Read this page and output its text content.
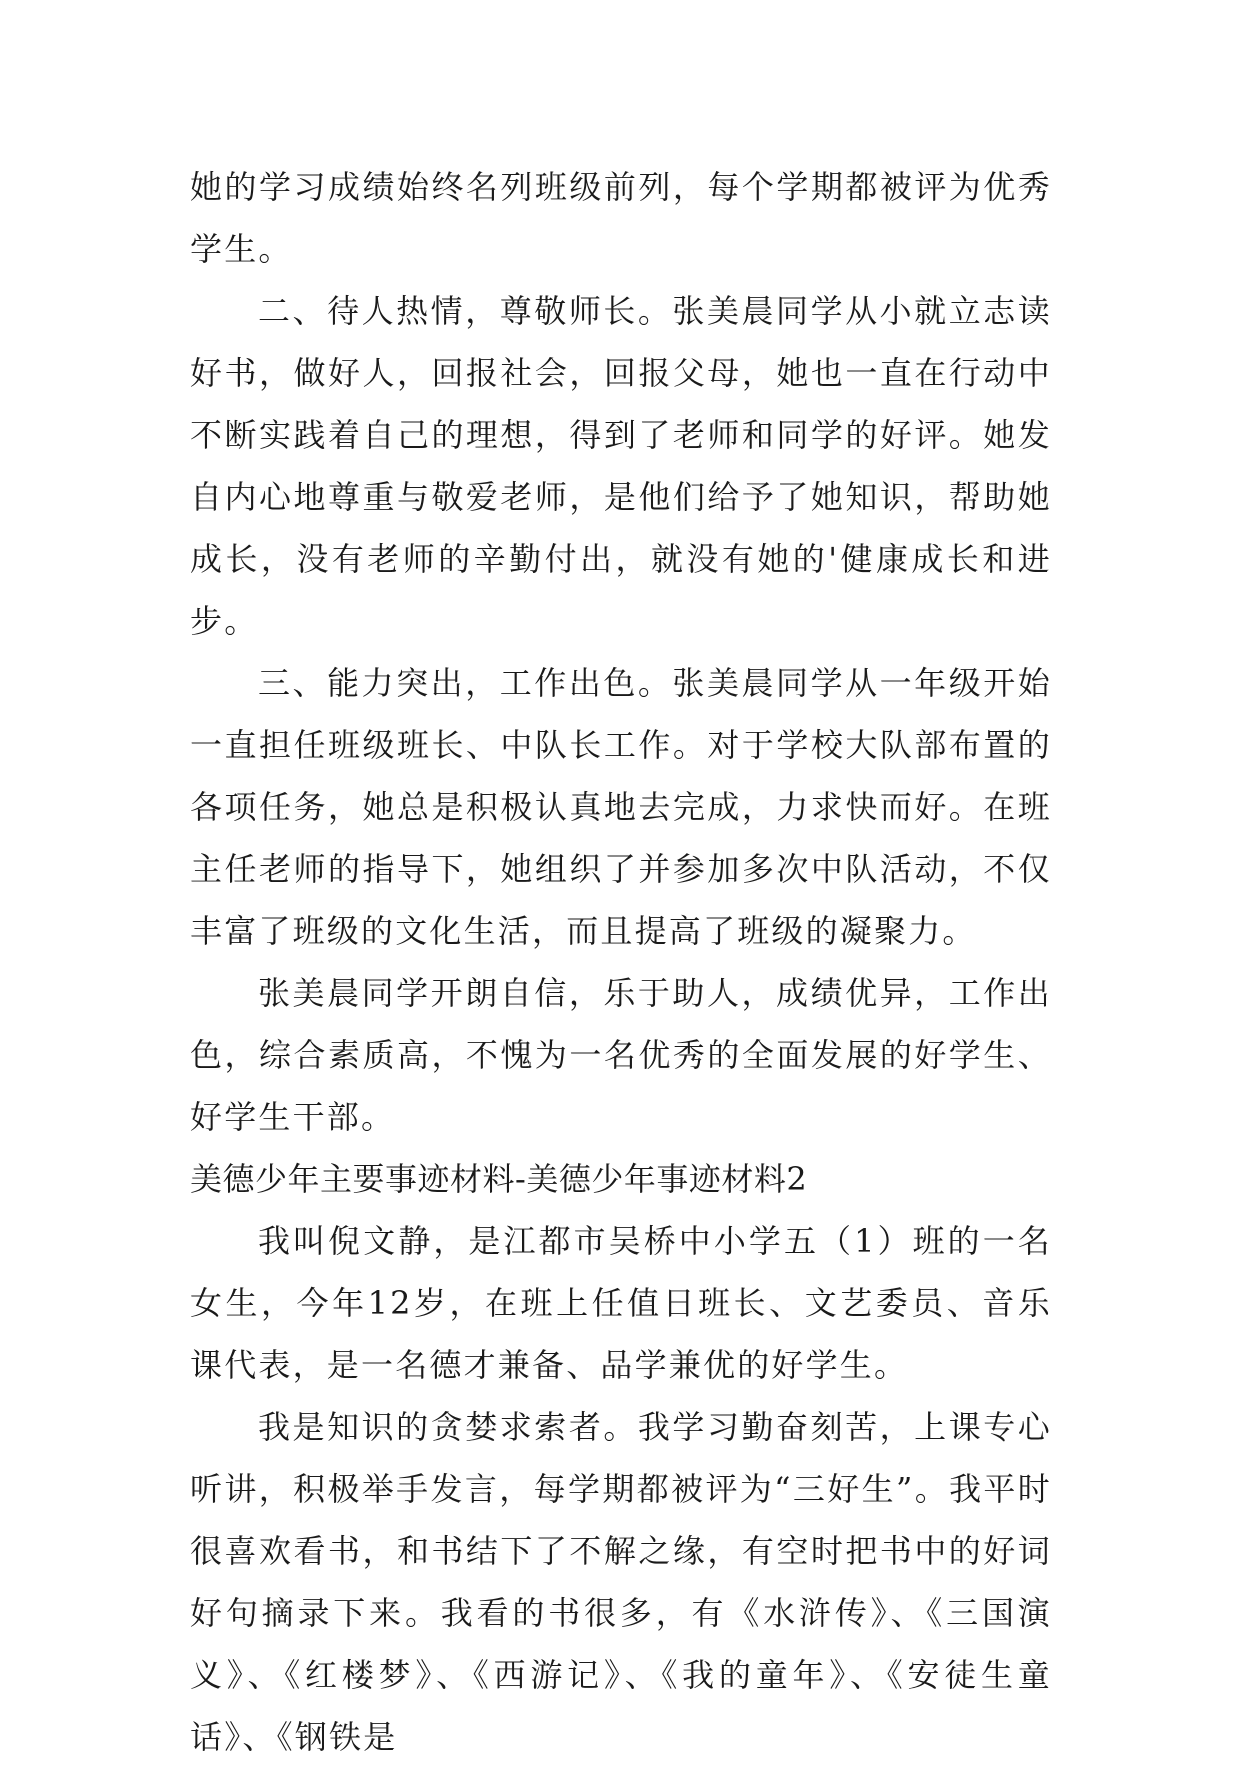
她的学习成绩始终名列班级前列，每个学期都被评为优秀学生。

二、待人热情，尊敬师长。张美晨同学从小就立志读好书，做好人，回报社会，回报父母，她也一直在行动中不断实践着自己的理想，得到了老师和同学的好评。她发自内心地尊重与敬爱老师，是他们给予了她知识，帮助她成长，没有老师的辛勤付出，就没有她的'健康成长和进步。

三、能力突出，工作出色。张美晨同学从一年级开始一直担任班级班长、中队长工作。对于学校大队部布置的各项任务，她总是积极认真地去完成，力求快而好。在班主任老师的指导下，她组织了并参加多次中队活动，不仅丰富了班级的文化生活，而且提高了班级的凝聚力。

张美晨同学开朗自信，乐于助人，成绩优异，工作出色，综合素质高，不愧为一名优秀的全面发展的好学生、好学生干部。

美德少年主要事迹材料-美德少年事迹材料2

我叫倪文静，是江都市吴桥中小学五（1）班的一名女生，今年12岁，在班上任值日班长、文艺委员、音乐课代表，是一名德才兼备、品学兼优的好学生。

我是知识的贪婪求索者。我学习勤奋刻苦，上课专心听讲，积极举手发言，每学期都被评为“三好生”。我平时很喜欢看书，和书结下了不解之缘，有空时把书中的好词好句摘录下来。我看的书很多，有《水浒传》、《三国演义》、《红楼梦》、《西游记》、《我的童年》、《安徒生童话》、《钢铁是
